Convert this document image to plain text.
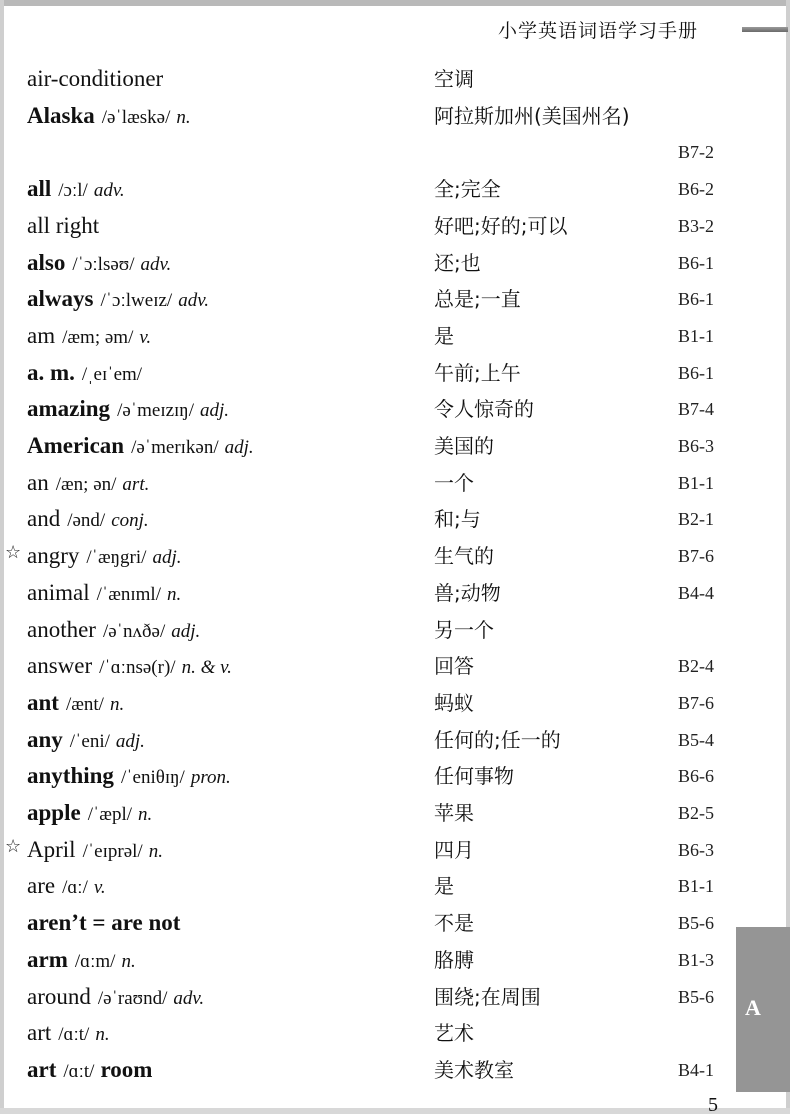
小学英语词语学习手册
air-conditioner	空调
Alaska /əˈlæskə/ n.	阿拉斯加州(美国州名)
B7-2
all /ɔːl/ adv.	全;完全	B6-2
all right	好吧;好的;可以	B3-2
also /ˈɔːlsəʊ/ adv.	还;也	B6-1
always /ˈɔːlweɪz/ adv.	总是;一直	B6-1
am /æm; əm/ v.	是	B1-1
a. m. /ˌeɪˈem/	午前;上午	B6-1
amazing /əˈmeɪzɪŋ/ adj.	令人惊奇的	B7-4
American /əˈmerɪkən/ adj.	美国的	B6-3
an /æn; ən/ art.	一个	B1-1
and /ənd/ conj.	和;与	B2-1
☆ angry /ˈæŋgri/ adj.	生气的	B7-6
animal /ˈænɪml/ n.	兽;动物	B4-4
another /əˈnʌðə/ adj.	另一个
answer /ˈɑːnsə(r)/ n. & v.	回答	B2-4
ant /ænt/ n.	蚂蚁	B7-6
any /ˈeni/ adj.	任何的;任一的	B5-4
anything /ˈeniθɪŋ/ pron.	任何事物	B6-6
apple /ˈæpl/ n.	苹果	B2-5
☆ April /ˈeɪprəl/ n.	四月	B6-3
are /ɑː/ v.	是	B1-1
aren’t = are not	不是	B5-6
arm /ɑːm/ n.	胳膊	B1-3
around /əˈraʊnd/ adv.	围绕;在周围	B5-6
art /ɑːt/ n.	艺术
art /ɑːt/ room	美术教室	B4-1
A
5
